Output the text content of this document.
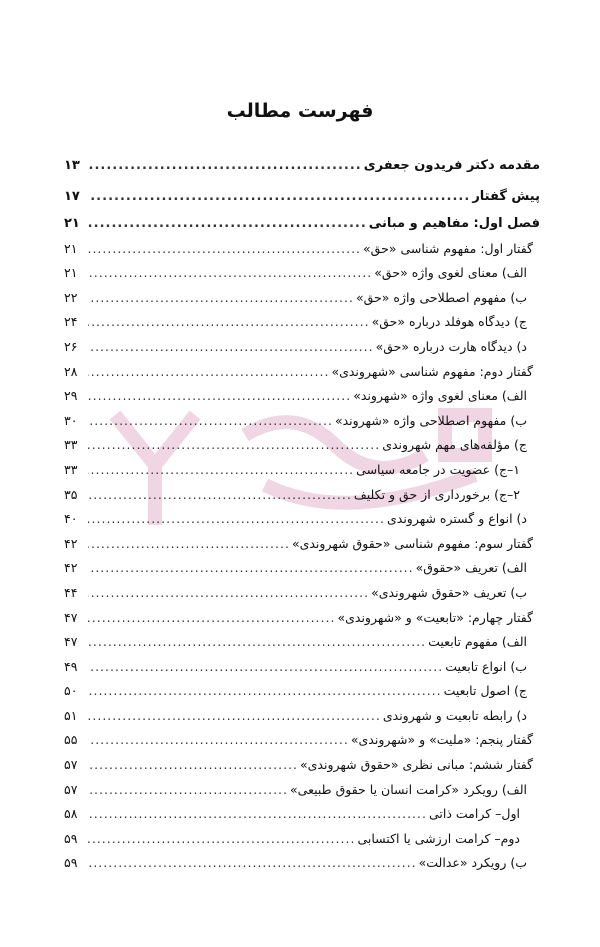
فهرست مطالب
مقدمه دکتر فریدون جعفری
.....
۱۳
پیش گفتار
.....
۱۷
فصل اول: مفاهیم و مبانی
.....
۲۱
گفتار اول: مفهوم شناسی «حق»
.....
۲۱
الف) معنای لغوی واژه «حق»
.....
۲۱
ب) مفهوم اصطلاحی واژه «حق»
.....
۲۲
ج) دیدگاه هوفلد درباره «حق»
.....
۲۴
د) دیدگاه هارت درباره «حق»
.....
۲۶
گفتار دوم: مفهوم شناسی «شهروندی»
.....
۲۸
الف) معنای لغوی واژه «شهروند»
.....
۲۹
ب) مفهوم اصطلاحی واژه «شهروند»
.....
۳۰
ج) مؤلفه‌های مهم شهروندی
.....
۳۳
۱–ج) عضویت در جامعه سیاسی
.....
۳۳
۲–ج) برخورداری از حق و تکلیف
.....
۳۵
د) انواع و گستره شهروندی
.....
۴۰
گفتار سوم: مفهوم شناسی «حقوق شهروندی»
.....
۴۲
الف) تعریف «حقوق»
.....
۴۲
ب) تعریف «حقوق شهروندی»
.....
۴۴
گفتار چهارم: «تابعیت» و «شهروندی»
.....
۴۷
الف) مفهوم تابعیت
.....
۴۷
ب) انواع تابعیت
.....
۴۹
ج) اصول تابعیت
.....
۵۰
د) رابطه تابعیت و شهروندی
.....
۵۱
گفتار پنجم: «ملیت» و «شهروندی»
.....
۵۵
گفتار ششم: مبانی نظری «حقوق شهروندی»
.....
۵۷
الف) رویکرد «کرامت انسان یا حقوق طبیعی»
.....
۵۷
اول– کرامت ذاتی
.....
۵۸
دوم– کرامت ارزشی یا اکتسابی
.....
۵۹
ب) رویکرد «عدالت»
.....
۵۹
